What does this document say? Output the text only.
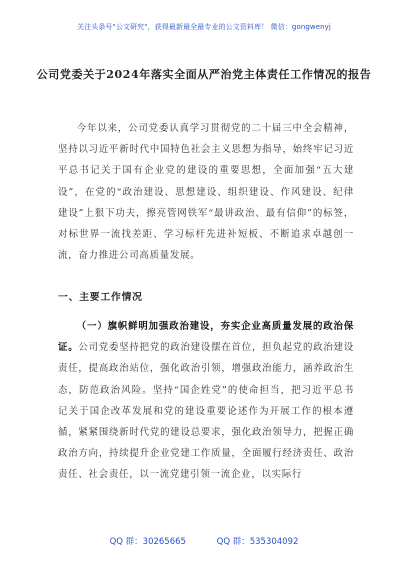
关注头条号"公文研究"，获得最新最全最专业的公文资料库！ 微信：gongwenyj
公司党委关于2024年落实全面从严治党主体责任工作情况的报告

今年以来，公司党委认真学习贯彻党的二十届三中全会精神，坚持以习近平新时代中国特色社会主义思想为指导，始终牢记习近平总书记关于国有企业党的建设的重要思想，全面加强“五大建设”，在党的“政治建设、思想建设、组织建设、作风建设、纪律建设”上狠下功夫，擦亮管网铁军“最讲政治、最有信仰”的标签，对标世界一流找差距、学习标杆先进补短板、不断追求卓越创一流，奋力推进公司高质量发展。

一、主要工作情况

（一）旗帜鲜明加强政治建设，夯实企业高质量发展的政治保证。公司党委坚持把党的政治建设摆在首位，担负起党的政治建设责任，提高政治站位，强化政治引领，增强政治能力，涵养政治生态，防范政治风险。坚持“国企姓党”的使命担当，把习近平总书记关于国企改革发展和党的建设重要论述作为开展工作的根本遵循，紧紧围绕新时代党的建设总要求，强化政治领导力，把握正确政治方向，持续提升企业党建工作质量，全面履行经济责任、政治责任、社会责任，以一流党建引领一流企业，以实际行

QQ 群：30265665	QQ 群：535304092
